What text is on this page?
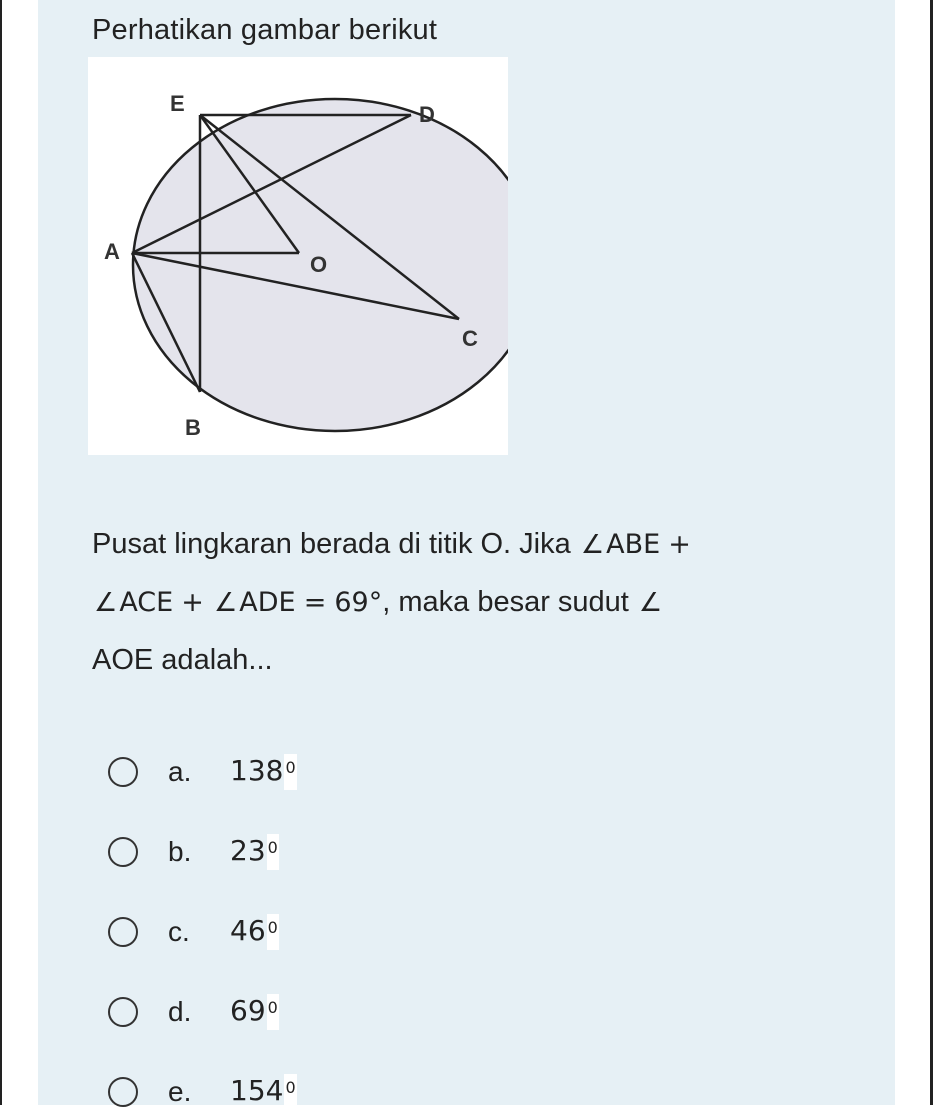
Perhatikan gambar berikut
E	D
A
O
C
B
Pusat lingkaran berada di titik O. Jika ∠ABE +
∠ACE + ∠ADE = 69°, maka besar sudut ∠
AOE adalah...
a. 138 0
b. 23 0
c. 46 0
d. 69 0
e. 154 0
